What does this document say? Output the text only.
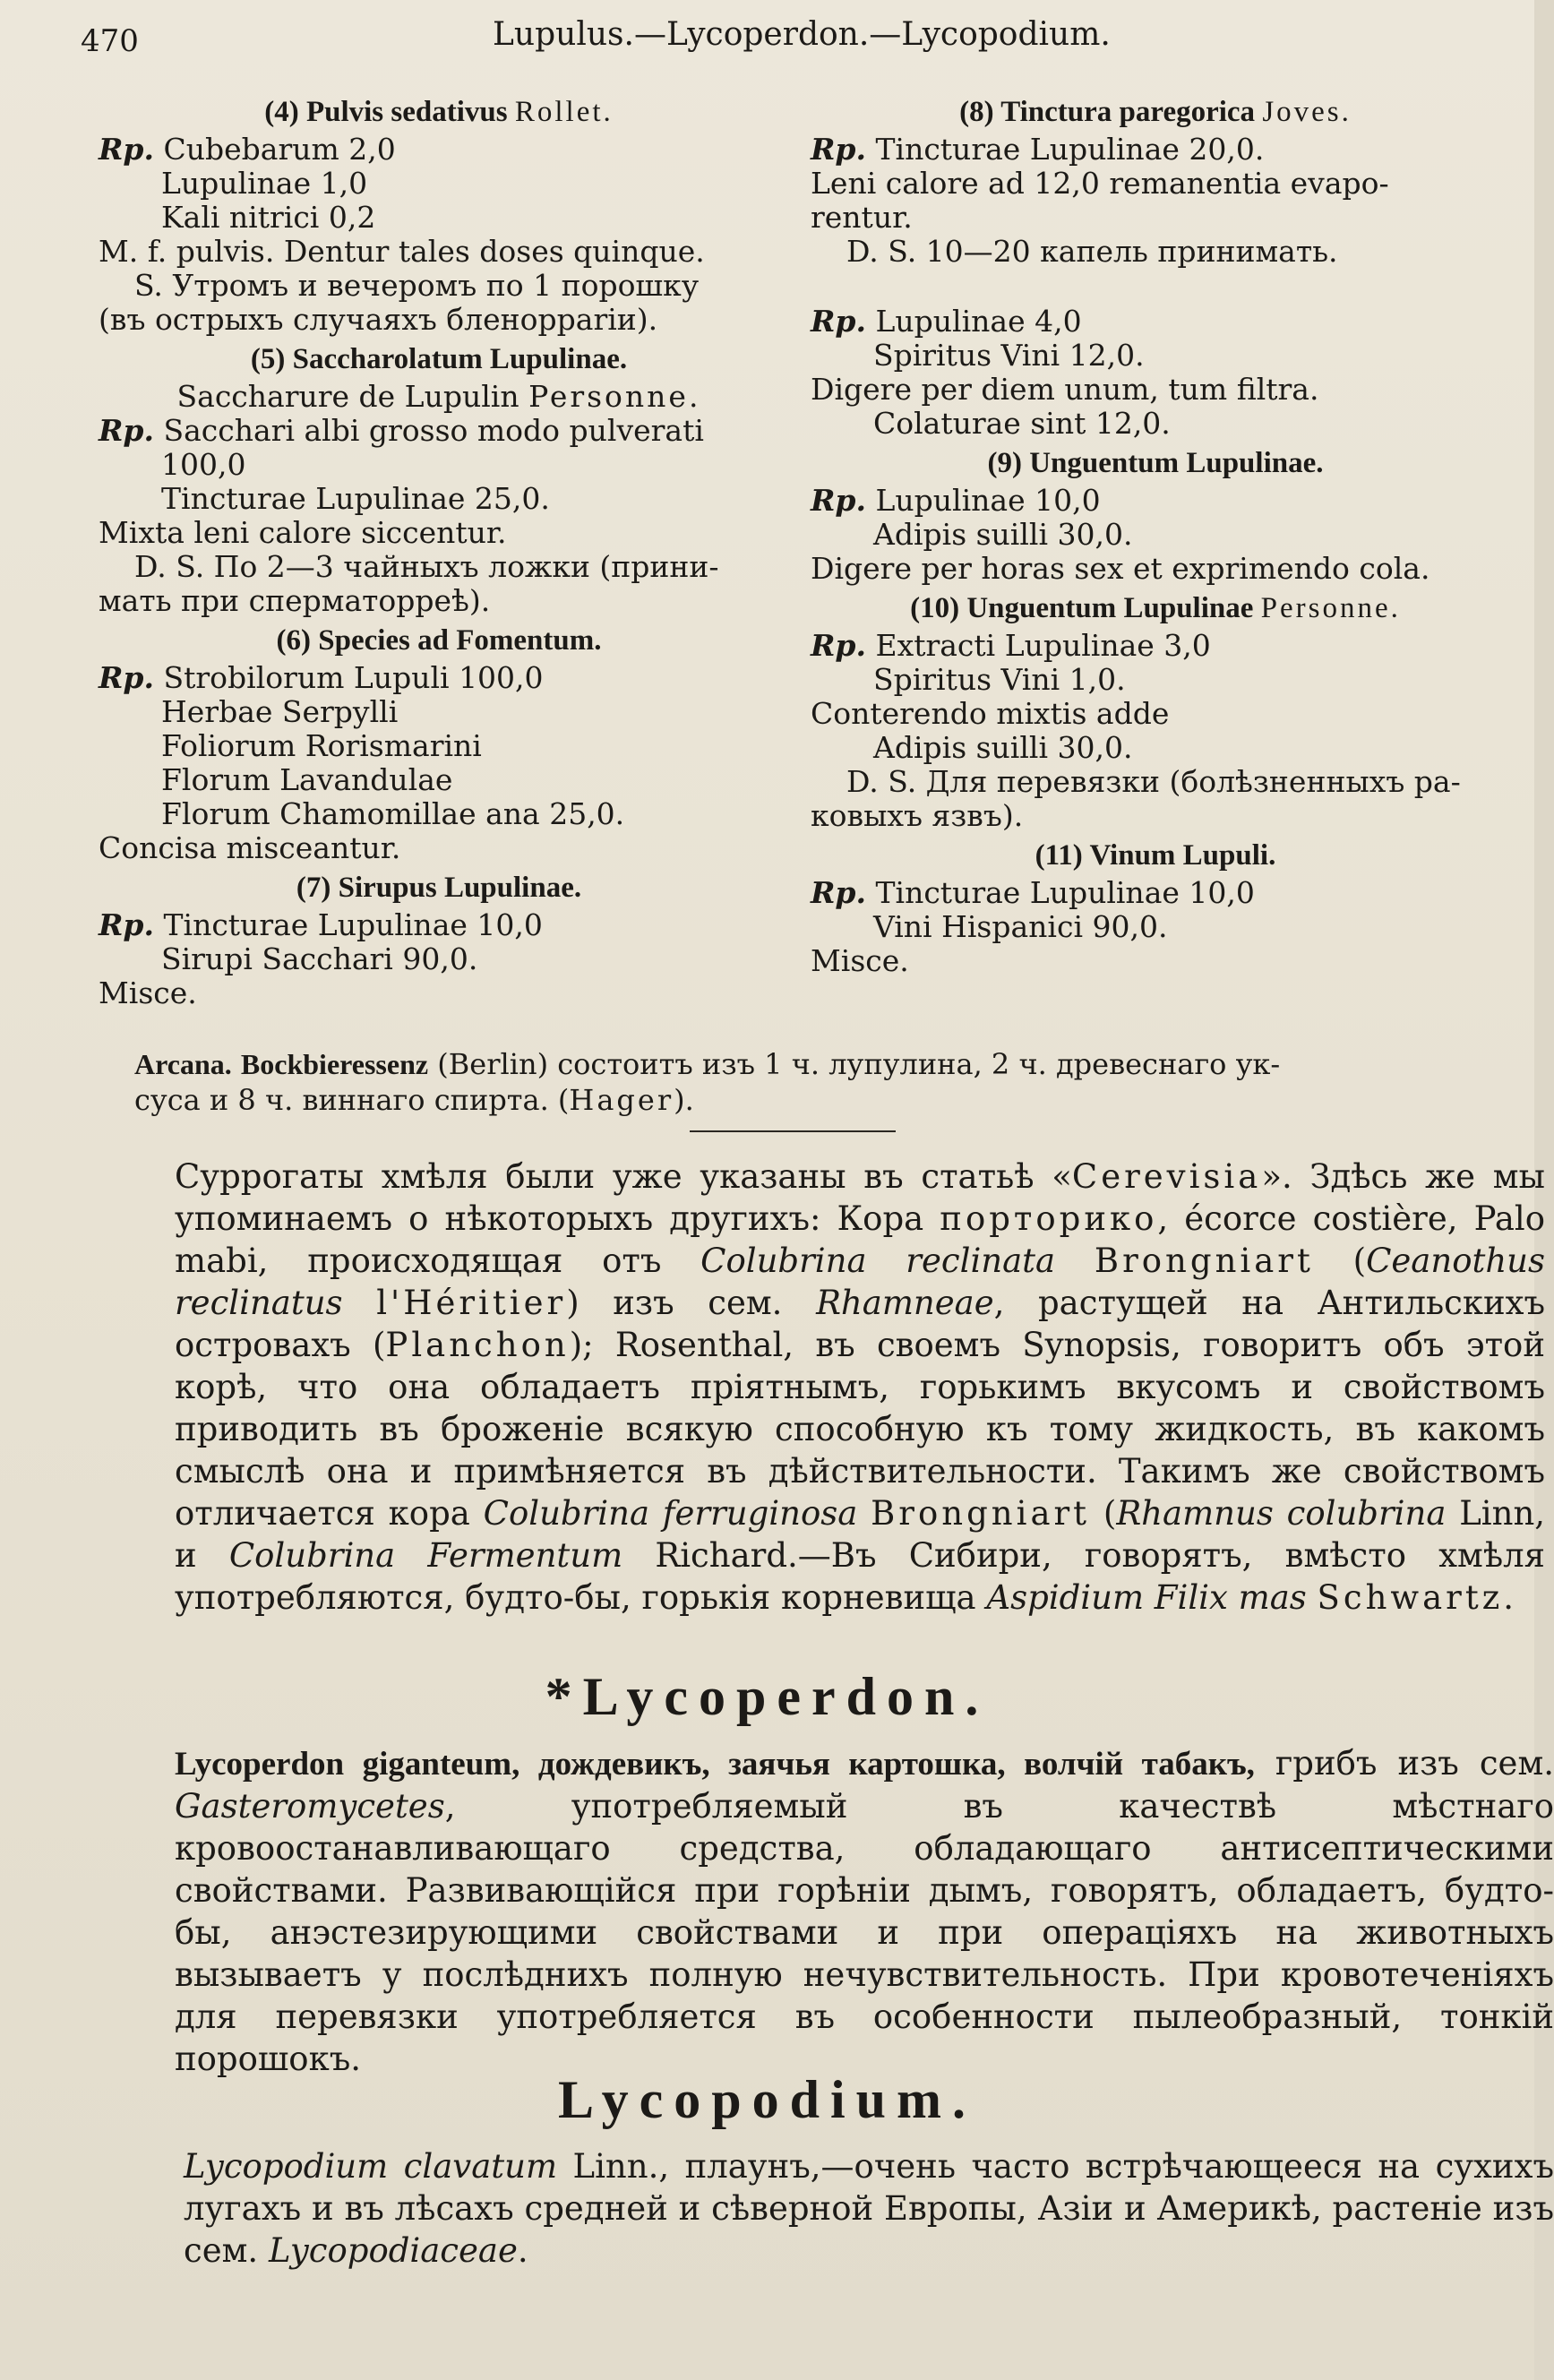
470	Lupulus.—Lycoperdon.—Lycopodium.
(4) Pulvis sedativus Rollet.
Rp. Cubebarum 2,0
Lupulinae 1,0
Kali nitrici 0,2
M. f. pulvis. Dentur tales doses quinque.
S. Утромъ и вечеромъ по 1 порошку
(въ острыхъ случаяхъ бленорраrіи).
(5) Saccharolatum Lupulinae.
Saccharure de Lupulin Personne.
Rp. Sacchari albi grosso modo pulverati
100,0
Tincturae Lupulinae 25,0.
Mixta leni calore siccentur.
D. S. По 2—3 чайныхъ ложки (прини-
мать при сперматорреѣ).
(6) Species ad Fomentum.
Rp. Strobilorum Lupuli 100,0
Herbae Serpylli
Foliorum Rorismarini
Florum Lavandulae
Florum Chamomillae ana 25,0.
Concisa misceantur.
(7) Sirupus Lupulinae.
Rp. Tincturae Lupulinae 10,0
Sirupi Sacchari 90,0.
Misce.
(8) Tinctura paregorica Joves.
Rp. Tincturae Lupulinae 20,0.
Leni calore ad 12,0 remanentia evapo-
rentur.
D. S. 10—20 капель принимать.
Rp. Lupulinae 4,0
Spiritus Vini 12,0.
Digere per diem unum, tum filtra.
Colaturae sint 12,0.
(9) Unguentum Lupulinae.
Rp. Lupulinae 10,0
Adipis suilli 30,0.
Digere per horas sex et exprimendo cola.
(10) Unguentum Lupulinae Personne.
Rp. Extracti Lupulinae 3,0
Spiritus Vini 1,0.
Conterendo mixtis adde
Adipis suilli 30,0.
D. S. Для перевязки (болѣзненныхъ ра-
ковыхъ язвъ).
(11) Vinum Lupuli.
Rp. Tincturae Lupulinae 10,0
Vini Hispanici 90,0.
Misce.
Arcana. Bockbieressenz (Berlin) состоитъ изъ 1 ч. лупулина, 2 ч. древеснаго ук-
суса и 8 ч. виннаго спирта. (Hager).
Суррогаты хмѣля были уже указаны въ статьѣ «Cerevisia». Здѣсь же мы упоминаемъ о нѣкоторыхъ другихъ: Кора порторико, écorce costière, Palo mabi, происходящая отъ Colubrina reclinata Brongniart (Ceanothus reclinatus l'Héritier) изъ сем. Rhamneae, растущей на Антильскихъ островахъ (Planchon); Rosenthal, въ своемъ Synopsis, говоритъ объ этой корѣ, что она обладаетъ пріятнымъ, горькимъ вкусомъ и свойствомъ приводить въ броженіе всякую способную къ тому жидкость, въ какомъ смыслѣ она и примѣняется въ дѣйствительности. Такимъ же свойствомъ отличается кора Colubrina ferruginosa Brongniart (Rhamnus colubrina Linn, и Colubrina Fermentum Richard.—Въ Сибири, говорятъ, вмѣсто хмѣля употребляются, будто-бы, горькія корневища Aspidium Filix mas Schwartz.
*Lycoperdon.
Lycoperdon giganteum, дождевикъ, заячья картошка, волчій табакъ, грибъ изъ сем. Gasteromycetes, употребляемый въ качествѣ мѣстнаго кровоостанавливающаго средства, обладающаго антисептическими свойствами. Развивающійся при горѣніи дымъ, говорятъ, обладаетъ, будто-бы, анэстезирующими свойствами и при операціяхъ на животныхъ вызываетъ у послѣднихъ полную нечувствительность. При кровотеченіяхъ для перевязки употребляется въ особенности пылеобразный, тонкій порошокъ.
Lycopodium.
Lycopodium clavatum Linn., плаунъ,—очень часто встрѣчающееся на сухихъ лугахъ и въ лѣсахъ средней и сѣверной Европы, Азіи и Америкѣ, растеніе изъ сем. Lycopodiaceae.
